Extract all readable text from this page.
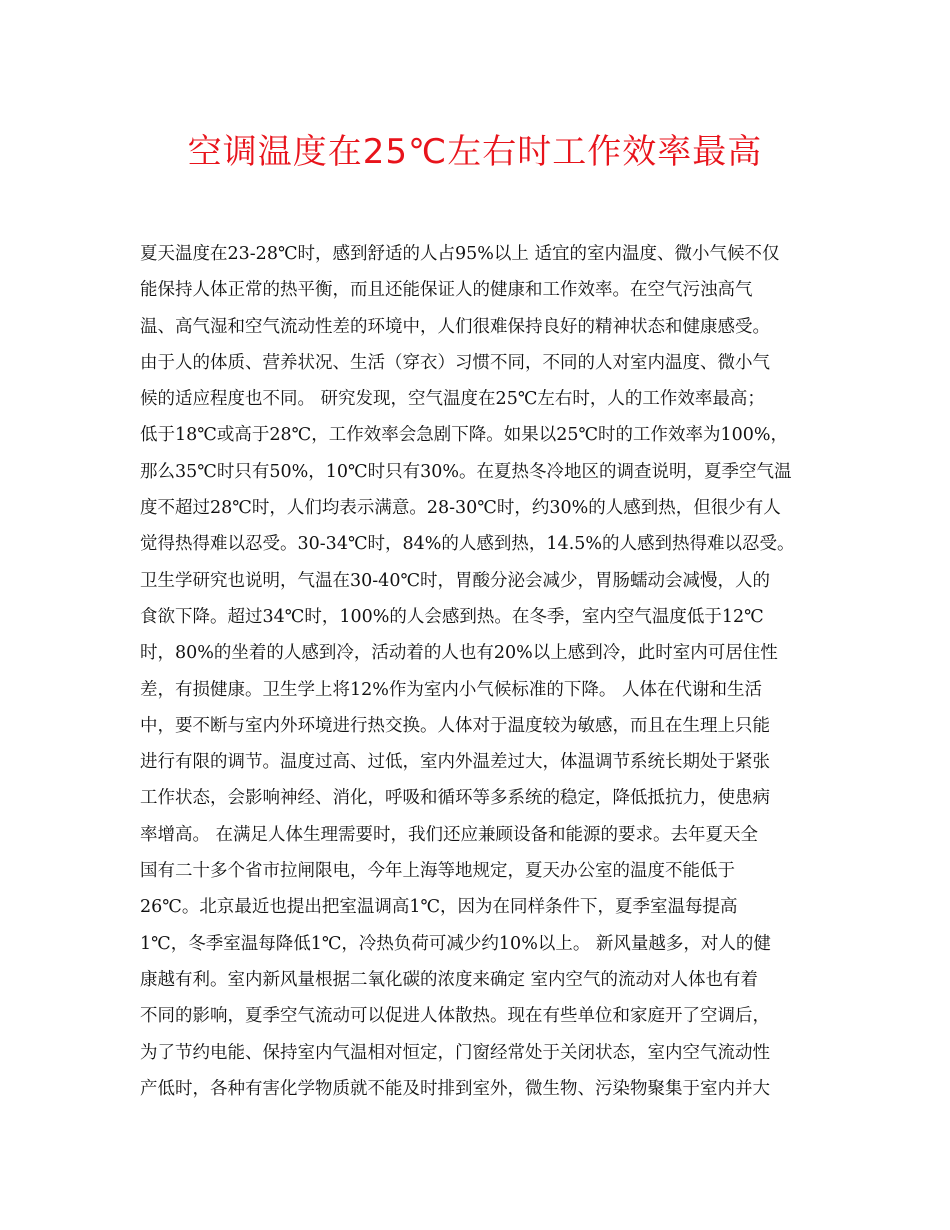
空调温度在25℃左右时工作效率最高
夏天温度在23-28℃时，感到舒适的人占95%以上 适宜的室内温度、微小气候不仅
能保持人体正常的热平衡，而且还能保证人的健康和工作效率。在空气污浊高气
温、高气湿和空气流动性差的环境中，人们很难保持良好的精神状态和健康感受。
由于人的体质、营养状况、生活（穿衣）习惯不同，不同的人对室内温度、微小气
候的适应程度也不同。 研究发现，空气温度在25℃左右时，人的工作效率最高；
低于18℃或高于28℃，工作效率会急剧下降。如果以25℃时的工作效率为100%，
那么35℃时只有50%，10℃时只有30%。在夏热冬冷地区的调查说明，夏季空气温
度不超过28℃时，人们均表示满意。28-30℃时，约30%的人感到热，但很少有人
觉得热得难以忍受。30-34℃时，84%的人感到热，14.5%的人感到热得难以忍受。
卫生学研究也说明，气温在30-40℃时，胃酸分泌会减少，胃肠蠕动会减慢，人的
食欲下降。超过34℃时，100%的人会感到热。在冬季，室内空气温度低于12℃
时，80%的坐着的人感到冷，活动着的人也有20%以上感到冷，此时室内可居住性
差，有损健康。卫生学上将12%作为室内小气候标准的下降。 人体在代谢和生活
中，要不断与室内外环境进行热交换。人体对于温度较为敏感，而且在生理上只能
进行有限的调节。温度过高、过低，室内外温差过大，体温调节系统长期处于紧张
工作状态，会影响神经、消化，呼吸和循环等多系统的稳定，降低抵抗力，使患病
率增高。 在满足人体生理需要时，我们还应兼顾设备和能源的要求。去年夏天全
国有二十多个省市拉闸限电，今年上海等地规定，夏天办公室的温度不能低于
26℃。北京最近也提出把室温调高1℃，因为在同样条件下，夏季室温每提高
1℃，冬季室温每降低1℃，冷热负荷可减少约10%以上。 新风量越多，对人的健
康越有利。室内新风量根据二氧化碳的浓度来确定 室内空气的流动对人体也有着
不同的影响，夏季空气流动可以促进人体散热。现在有些单位和家庭开了空调后，
为了节约电能、保持室内气温相对恒定，门窗经常处于关闭状态，室内空气流动性
产低时，各种有害化学物质就不能及时排到室外，微生物、污染物聚集于室内并大
